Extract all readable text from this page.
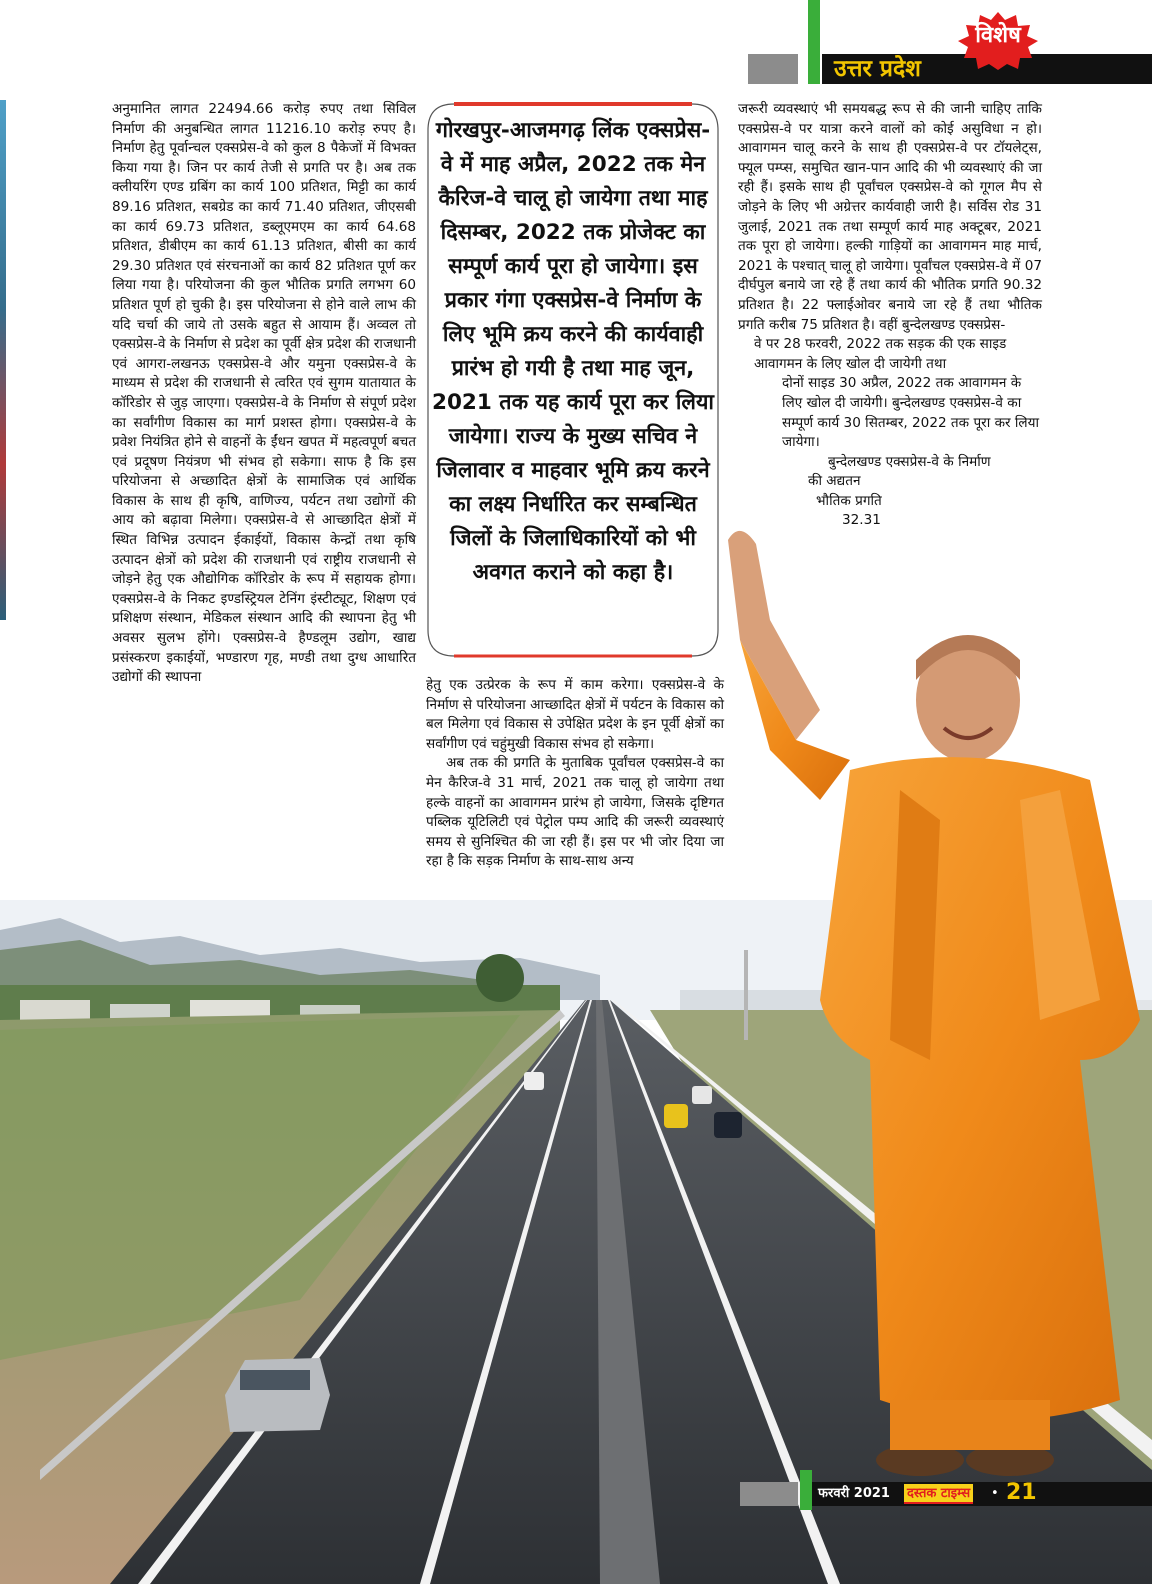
उत्तर प्रदेश
विशेष

अनुमानित लागत 22494.66 करोड़ रुपए तथा सिविल निर्माण की अनुबन्धित लागत 11216.10 करोड़ रुपए है। निर्माण हेतु पूर्वान्चल एक्सप्रेस-वे को कुल 8 पैकेजों में विभक्त किया गया है। जिन पर कार्य तेजी से प्रगति पर है। अब तक क्लीयरिंग एण्ड ग्रबिंग का कार्य 100 प्रतिशत, मिट्टी का कार्य 89.16 प्रतिशत, सबग्रेड का कार्य 71.40 प्रतिशत, जीएसबी का कार्य 69.73 प्रतिशत, डब्लूएमएम का कार्य 64.68 प्रतिशत, डीबीएम का कार्य 61.13 प्रतिशत, बीसी का कार्य 29.30 प्रतिशत एवं संरचनाओं का कार्य 82 प्रतिशत पूर्ण कर लिया गया है। परियोजना की कुल भौतिक प्रगति लगभग 60 प्रतिशत पूर्ण हो चुकी है। इस परियोजना से होने वाले लाभ की यदि चर्चा की जाये तो उसके बहुत से आयाम हैं। अव्वल तो एक्सप्रेस-वे के निर्माण से प्रदेश का पूर्वी क्षेत्र प्रदेश की राजधानी एवं आगरा-लखनऊ एक्सप्रेस-वे और यमुना एक्सप्रेस-वे के माध्यम से प्रदेश की राजधानी से त्वरित एवं सुगम यातायात के कॉरिडोर से जुड़ जाएगा। एक्सप्रेस-वे के निर्माण से संपूर्ण प्रदेश का सर्वांगीण विकास का मार्ग प्रशस्त होगा। एक्सप्रेस-वे के प्रवेश नियंत्रित होने से वाहनों के ईंधन खपत में महत्वपूर्ण बचत एवं प्रदूषण नियंत्रण भी संभव हो सकेगा। साफ है कि इस परियोजना से अच्छादित क्षेत्रों के सामाजिक एवं आर्थिक विकास के साथ ही कृषि, वाणिज्य, पर्यटन तथा उद्योगों की आय को बढ़ावा मिलेगा। एक्सप्रेस-वे से आच्छादित क्षेत्रों में स्थित विभिन्न उत्पादन ईकाईयों, विकास केन्द्रों तथा कृषि उत्पादन क्षेत्रों को प्रदेश की राजधानी एवं राष्ट्रीय राजधानी से जोड़ने हेतु एक औद्योगिक कॉरिडोर के रूप में सहायक होगा। एक्सप्रेस-वे के निकट इण्डस्ट्रियल टेनिंग इंस्टीट्यूट, शिक्षण एवं प्रशिक्षण संस्थान, मेडिकल संस्थान आदि की स्थापना हेतु भी अवसर सुलभ होंगे। एक्सप्रेस-वे हैण्डलूम उद्योग, खाद्य प्रसंस्करण इकाईयों, भण्डारण गृह, मण्डी तथा दुग्ध आधारित उद्योगों की स्थापना

गोरखपुर-आजमगढ़ लिंक एक्सप्रेस-वे में माह अप्रैल, 2022 तक मेन कैरिज-वे चालू हो जायेगा तथा माह दिसम्बर, 2022 तक प्रोजेक्ट का सम्पूर्ण कार्य पूरा हो जायेगा। इस प्रकार गंगा एक्सप्रेस-वे निर्माण के लिए भूमि क्रय करने की कार्यवाही प्रारंभ हो गयी है तथा माह जून, 2021 तक यह कार्य पूरा कर लिया जायेगा। राज्य के मुख्य सचिव ने जिलावार व माहवार भूमि क्रय करने का लक्ष्य निर्धारित कर सम्बन्धित जिलों के जिलाधिकारियों को भी अवगत कराने को कहा है।

हेतु एक उत्प्रेरक के रूप में काम करेगा। एक्सप्रेस-वे के निर्माण से परियोजना आच्छादित क्षेत्रों में पर्यटन के विकास को बल मिलेगा एवं विकास से उपेक्षित प्रदेश के इन पूर्वी क्षेत्रों का सर्वांगीण एवं चहुंमुखी विकास संभव हो सकेगा।

अब तक की प्रगति के मुताबिक पूर्वांचल एक्सप्रेस-वे का मेन कैरिज-वे 31 मार्च, 2021 तक चालू हो जायेगा तथा हल्के वाहनों का आवागमन प्रारंभ हो जायेगा, जिसके दृष्टिगत पब्लिक यूटिलिटी एवं पेट्रोल पम्प आदि की जरूरी व्यवस्थाएं समय से सुनिश्चित की जा रही हैं। इस पर भी जोर दिया जा रहा है कि सड़क निर्माण के साथ-साथ अन्य

जरूरी व्यवस्थाएं भी समयबद्ध रूप से की जानी चाहिए ताकि एक्सप्रेस-वे पर यात्रा करने वालों को कोई असुविधा न हो। आवागमन चालू करने के साथ ही एक्सप्रेस-वे पर टॉयलेट्स, फ्यूल पम्प्स, समुचित खान-पान आदि की भी व्यवस्थाएं की जा रही हैं। इसके साथ ही पूर्वांचल एक्सप्रेस-वे को गूगल मैप से जोड़ने के लिए भी अग्रेत्तर कार्यवाही जारी है। सर्विस रोड 31 जुलाई, 2021 तक तथा सम्पूर्ण कार्य माह अक्टूबर, 2021 तक पूरा हो जायेगा। हल्की गाड़ियों का आवागमन माह मार्च, 2021 के पश्चात् चालू हो जायेगा। पूर्वांचल एक्सप्रेस-वे में 07 दीर्घपुल बनाये जा रहे हैं तथा कार्य की भौतिक प्रगति 90.32 प्रतिशत है। 22 फ्लाईओवर बनाये जा रहे हैं तथा भौतिक प्रगति करीब 75 प्रतिशत है। वहीं बुन्देलखण्ड एक्सप्रेस-

वे पर 28 फरवरी, 2022 तक सड़क की एक साइड आवागमन के लिए खोल दी जायेगी तथा
दोनों साइड 30 अप्रैल, 2022 तक आवागमन के लिए खोल दी जायेगी। बुन्देलखण्ड एक्सप्रेस-वे का सम्पूर्ण कार्य 30 सितम्बर, 2022 तक पूरा कर लिया जायेगा।
बुन्देलखण्ड एक्सप्रेस-वे के निर्माण
की अद्यतन
भौतिक प्रगति
32.31

फरवरी 2021 दस्तक टाइम्स • 21
